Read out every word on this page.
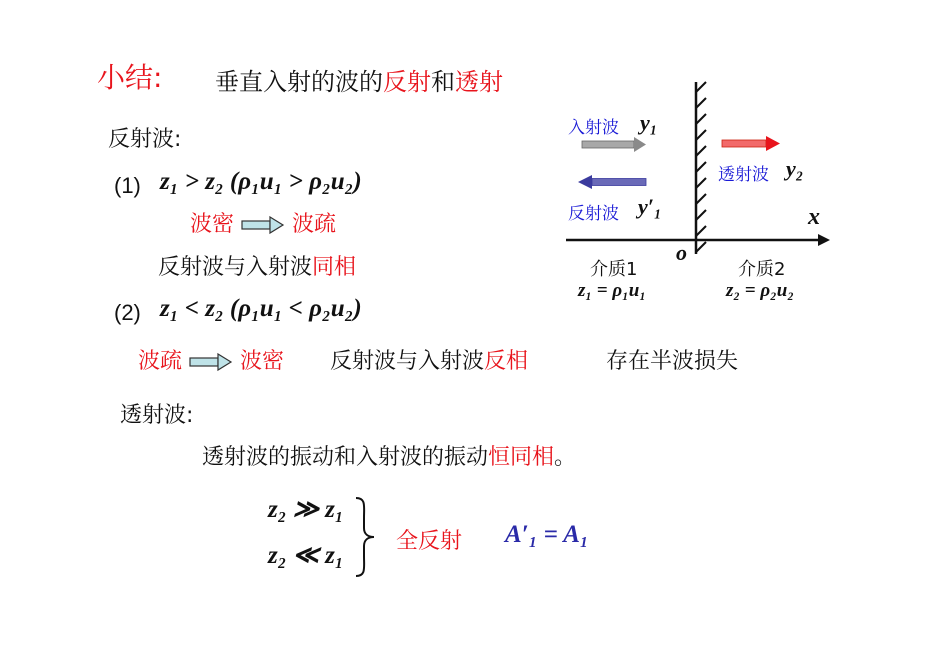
小结: 垂直入射的波的反射和透射
反射波:
(1) z₁ > z₂ (ρ₁u₁ > ρ₂u₂)
波密	波疏
反射波与入射波同相
(2) z₁ < z₂ (ρ₁u₁ < ρ₂u₂)
波疏	波密 反射波与入射波反相	存在半波损失
透射波:
透射波的振动和入射波的振动恒同相。
z₂ ≫ z₁
z₂ ≪ z₁
全反射 A′₁ = A₁
入射波 y₁
反射波 y′₁
透射波 y₂
x
o
介质1
z₁ = ρ₁u₁
介质2
z₂ = ρ₂u₂
